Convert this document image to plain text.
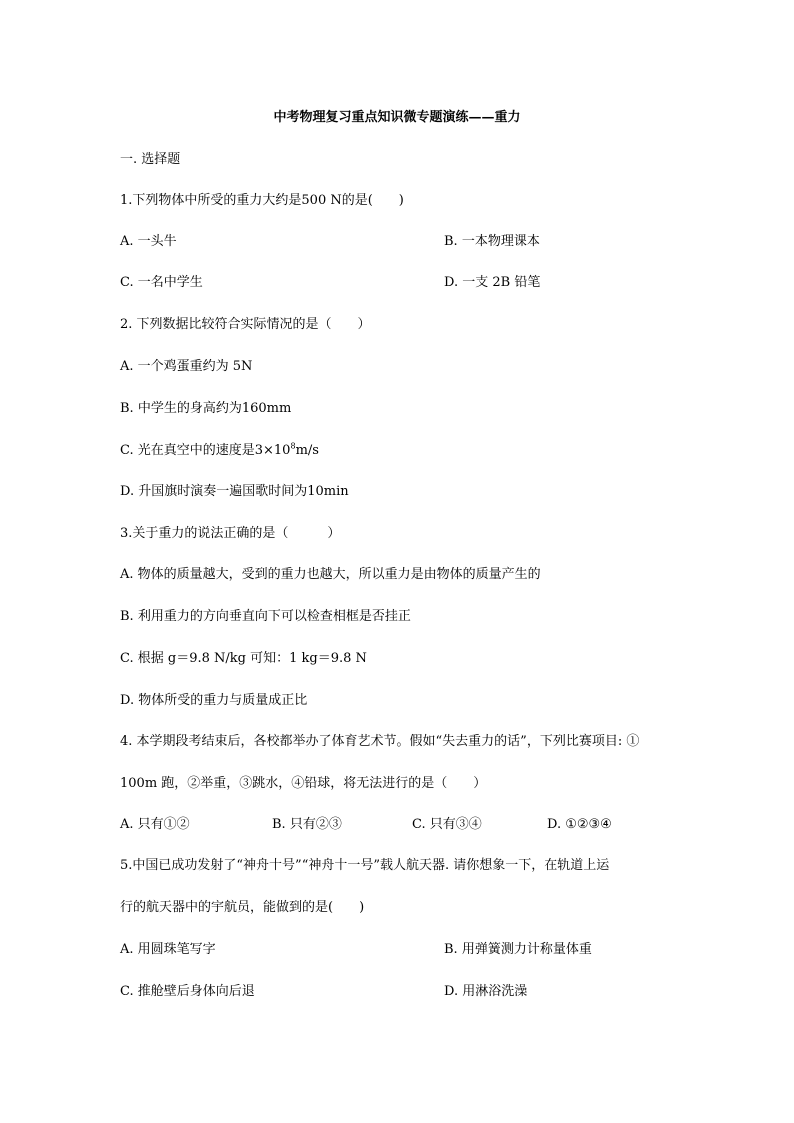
中考物理复习重点知识微专题演练——重力
一. 选择题
1.下列物体中所受的重力大约是500 N的是(　　)
A. 一头牛	B. 一本物理课本
C. 一名中学生	D. 一支 2B 铅笔
2. 下列数据比较符合实际情况的是（　　）
A. 一个鸡蛋重约为 5N
B. 中学生的身高约为160mm
C. 光在真空中的速度是$3\times 10^8m/s$
D. 升国旗时演奏一遍国歌时间为10min
3.关于重力的说法正确的是（　　　）
A. 物体的质量越大，受到的重力也越大，所以重力是由物体的质量产生的
B. 利用重力的方向垂直向下可以检查相框是否挂正
C. 根据 g＝9.8 N/kg 可知：1 kg＝9.8 N
D. 物体所受的重力与质量成正比
4. 本学期段考结束后，各校都举办了体育艺术节。假如“失去重力的话”，下列比赛项目: ①
100m 跑，②举重，③跳水，④铅球，将无法进行的是（　　）
A. 只有①②	B. 只有②③	C. 只有③④	D. ①②③④
5.中国已成功发射了“神舟十号”“神舟十一号”载人航天器. 请你想象一下，在轨道上运
行的航天器中的宇航员，能做到的是(　　)
A. 用圆珠笔写字	B. 用弹簧测力计称量体重
C. 推舱壁后身体向后退	D. 用淋浴洗澡
